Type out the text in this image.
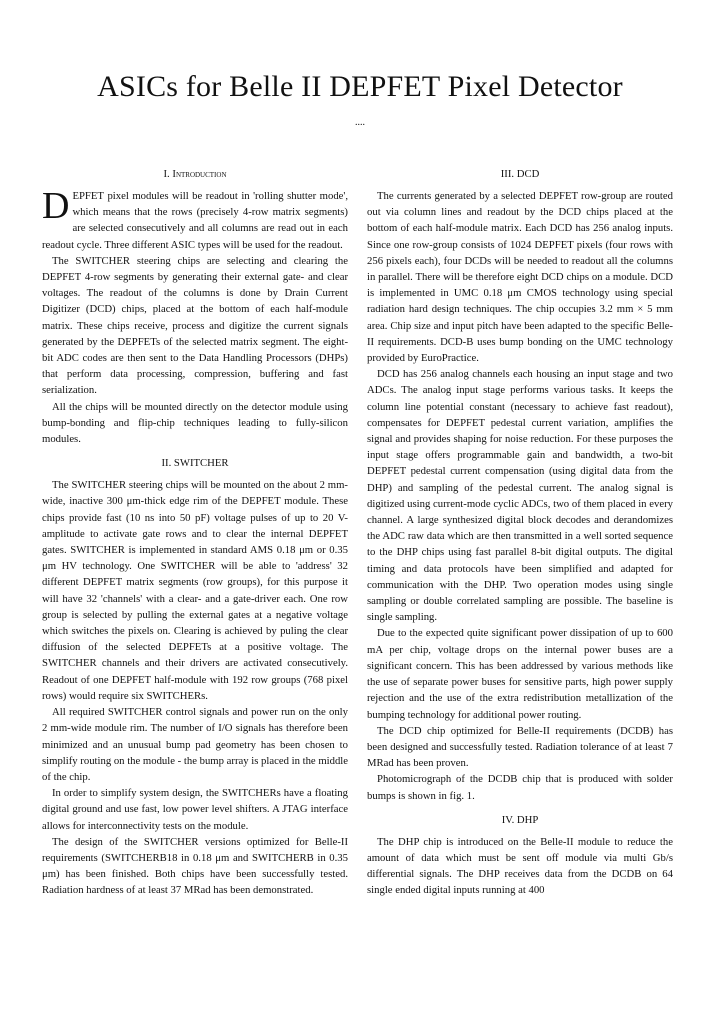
ASICs for Belle II DEPFET Pixel Detector
....
I. Introduction

DEPFET pixel modules will be readout in 'rolling shutter mode', which means that the rows (precisely 4-row matrix segments) are selected consecutively and all columns are read out in each readout cycle. Three different ASIC types will be used for the readout.

The SWITCHER steering chips are selecting and clearing the DEPFET 4-row segments by generating their external gate- and clear voltages. The readout of the columns is done by Drain Current Digitizer (DCD) chips, placed at the bottom of each half-module matrix. These chips receive, process and digitize the current signals generated by the DEPFETs of the selected matrix segment. The eight-bit ADC codes are then sent to the Data Handling Processors (DHPs) that perform data processing, compression, buffering and fast serialization.

All the chips will be mounted directly on the detector module using bump-bonding and flip-chip techniques leading to fully-silicon modules.

II. SWITCHER

The SWITCHER steering chips will be mounted on the about 2 mm-wide, inactive 300 μm-thick edge rim of the DEPFET module. These chips provide fast (10 ns into 50 pF) voltage pulses of up to 20 V-amplitude to activate gate rows and to clear the internal DEPFET gates. SWITCHER is implemented in standard AMS 0.18 μm or 0.35 μm HV technology. One SWITCHER will be able to 'address' 32 different DEPFET matrix segments (row groups), for this purpose it will have 32 'channels' with a clear- and a gate-driver each. One row group is selected by pulling the external gates at a negative voltage which switches the pixels on. Clearing is achieved by puling the clear diffusion of the selected DEPFETs at a positive voltage. The SWITCHER channels and their drivers are activated consecutively. Readout of one DEPFET half-module with 192 row groups (768 pixel rows) would require six SWITCHERs.

All required SWITCHER control signals and power run on the only 2 mm-wide module rim. The number of I/O signals has therefore been minimized and an unusual bump pad geometry has been chosen to simplify routing on the module - the bump array is placed in the middle of the chip.

In order to simplify system design, the SWITCHERs have a floating digital ground and use fast, low power level shifters. A JTAG interface allows for interconnectivity tests on the module.

The design of the SWITCHER versions optimized for Belle-II requirements (SWITCHERB18 in 0.18 μm and SWITCHERB in 0.35 μm) has been finished. Both chips have been successfully tested. Radiation hardness of at least 37 MRad has been demonstrated.

III. DCD

The currents generated by a selected DEPFET row-group are routed out via column lines and readout by the DCD chips placed at the bottom of each half-module matrix. Each DCD has 256 analog inputs. Since one row-group consists of 1024 DEPFET pixels (four rows with 256 pixels each), four DCDs will be needed to readout all the columns in parallel. There will be therefore eight DCD chips on a module. DCD is implemented in UMC 0.18 μm CMOS technology using special radiation hard design techniques. The chip occupies 3.2 mm × 5 mm area. Chip size and input pitch have been adapted to the specific Belle-II requirements. DCD-B uses bump bonding on the UMC technology provided by EuroPractice.

DCD has 256 analog channels each housing an input stage and two ADCs. The analog input stage performs various tasks. It keeps the column line potential constant (necessary to achieve fast readout), compensates for DEPFET pedestal current variation, amplifies the signal and provides shaping for noise reduction. For these purposes the input stage offers programmable gain and bandwidth, a two-bit DEPFET pedestal current compensation (using digital data from the DHP) and sampling of the pedestal current. The analog signal is digitized using current-mode cyclic ADCs, two of them placed in every channel. A large synthesized digital block decodes and derandomizes the ADC raw data which are then transmitted in a well sorted sequence to the DHP chips using fast parallel 8-bit digital outputs. The digital timing and data protocols have been simplified and adapted for communication with the DHP. Two operation modes using single sampling or double correlated sampling are possible. The baseline is single sampling.

Due to the expected quite significant power dissipation of up to 600 mA per chip, voltage drops on the internal power buses are a significant concern. This has been addressed by various methods like the use of separate power buses for sensitive parts, high power supply rejection and the use of the extra redistribution metallization of the bumping technology for additional power routing.

The DCD chip optimized for Belle-II requirements (DCDB) has been designed and successfully tested. Radiation tolerance of at least 7 MRad has been proven.

Photomicrograph of the DCDB chip that is produced with solder bumps is shown in fig. 1.

IV. DHP

The DHP chip is introduced on the Belle-II module to reduce the amount of data which must be sent off module via multi Gb/s differential signals. The DHP receives data from the DCDB on 64 single ended digital inputs running at 400
